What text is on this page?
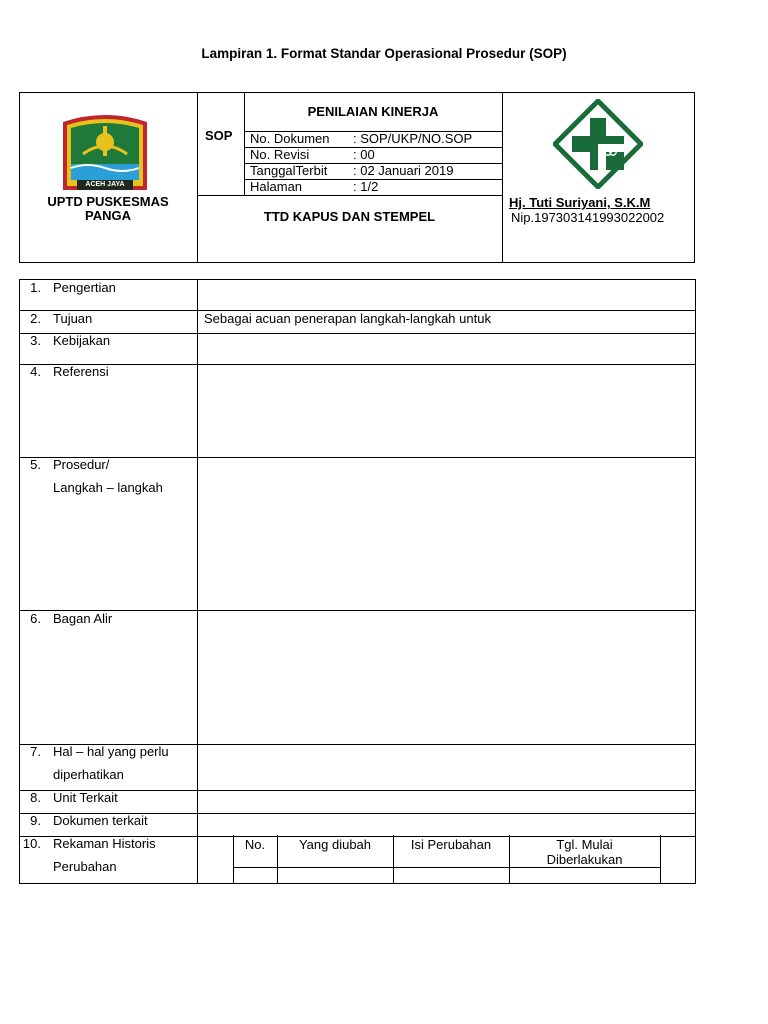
Lampiran 1. Format Standar Operasional Prosedur (SOP)
ACEH JAYA
UPTD PUSKESMAS
PANGA
SOP
PENILAIAN KINERJA
No. Dokumen : SOP/UKP/NO.SOP
No. Revisi	: 00
TanggalTerbit : 02 Januari 2019
Halaman	: 1/2
TTD KAPUS DAN STEMPEL
Hj. Tuti Suriyani, S.K.M
Nip.197303141993022002
1. Pengertian
2. Tujuan	Sebagai acuan penerapan langkah-langkah untuk
3. Kebijakan
4. Referensi
5. Prosedur/
Langkah – langkah
6. Bagan Alir
7. Hal – hal yang perlu
diperhatikan
8. Unit Terkait
9. Dokumen terkait
10. Rekaman Historis
Perubahan
No.	Yang diubah	Isi Perubahan	Tgl. Mulai
Diberlakukan
